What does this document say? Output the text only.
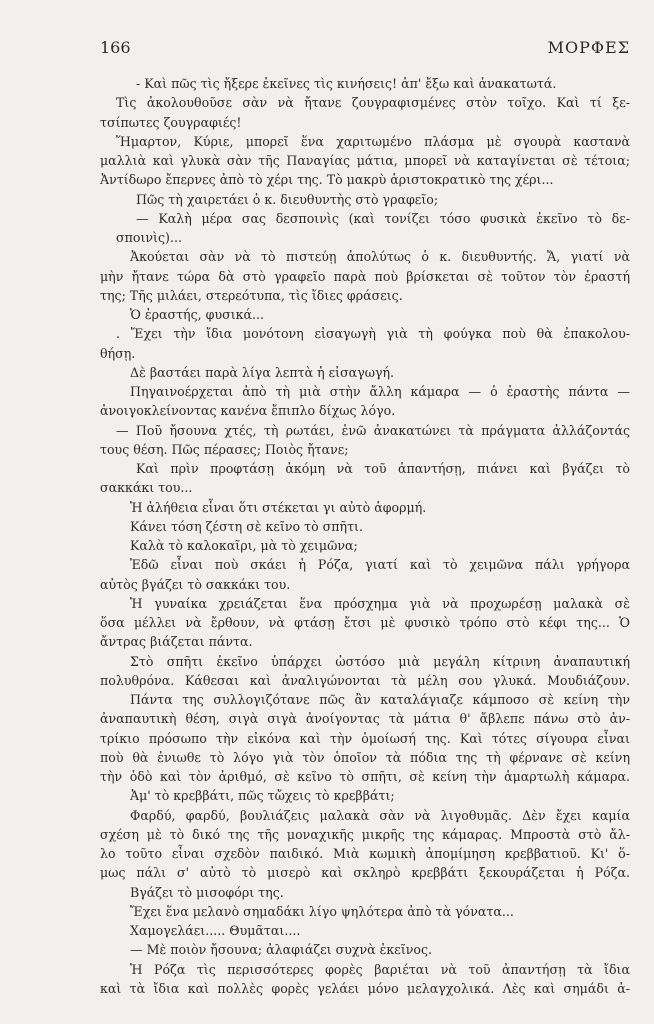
166	ΜΟΡΦΕΣ
- Καὶ πῶς τὶς ἤξερε ἐκεῖνες τὶς κινήσεις! ἀπ' ἔξω καὶ ἀνακατωτά.
Τὶς ἀκολουθοῦσε σὰν νὰ ἤτανε ζουγραφισμένες στὸν τοῖχο. Καὶ τί ξε-
τσίπωτες ζουγραφιές!
Ἥμαρτον, Κύριε, μπορεῖ ἕνα χαριτωμένο πλάσμα μὲ σγουρὰ καστανὰ
μαλλιὰ καὶ γλυκὰ σὰν τῆς Παναγίας μάτια, μπορεῖ νὰ καταγίνεται σὲ τέτοια;
Ἀντίδωρο ἔπερνες ἀπὸ τὸ χέρι της. Τὸ μακρὺ ἀριστοκρατικὸ της χέρι...
Πῶς τὴ χαιρετάει ὁ κ. διευθυντὴς στὸ γραφεῖο;
— Καλὴ μέρα σας δεσποινὶς (καὶ τονίζει τόσο φυσικὰ ἐκεῖνο τὸ δε-
σποινὶς)...
Ἀκούεται σὰν νὰ τὸ πιστεύῃ ἀπολύτως ὁ κ. διευθυντής. Ἄ, γιατί νὰ
μὴν ἤτανε τώρα δὰ στὸ γραφεῖο παρὰ ποὺ βρίσκεται σὲ τοῦτον τὸν ἐραστή
της; Τῆς μιλάει, στερεότυπα, τὶς ἴδιες φράσεις.
Ὁ ἐραστής, φυσικά...
. Ἔχει τὴν ἴδια μονότονη εἰσαγωγὴ γιὰ τὴ φούγκα ποὺ θὰ ἐπακολου-
θήσῃ.
Δὲ βαστάει παρὰ λίγα λεπτὰ ἡ εἰσαγωγή.
Πηγαινοέρχεται ἀπὸ τὴ μιὰ στὴν ἄλλη κάμαρα — ὁ ἐραστὴς πάντα —
ἀνοιγοκλείνοντας κανένα ἔπιπλο δίχως λόγο.
— Ποῦ ἤσουνα χτές, τὴ ρωτάει, ἐνῶ ἀνακατώνει τὰ πράγματα ἀλλάζοντάς
τους θέση. Πῶς πέρασες; Ποιὸς ἤτανε;
Καὶ πρὶν προφτάσῃ ἀκόμη νὰ τοῦ ἀπαντήσῃ, πιάνει καὶ βγάζει τὸ
σακκάκι του...
Ἡ ἀλήθεια εἶναι ὅτι στέκεται γι αὐτὸ ἀφορμή.
Κάνει τόση ζέστη σὲ κεῖνο τὸ σπῆτι.
Καλὰ τὸ καλοκαῖρι, μὰ τὸ χειμῶνα;
Ἐδῶ εἶναι ποὺ σκάει ἡ Ρόζα, γιατί καὶ τὸ χειμῶνα πάλι γρήγορα
αὐτὸς βγάζει τὸ σακκάκι του.
Ἡ γυναίκα χρειάζεται ἕνα πρόσχημα γιὰ νὰ προχωρέσῃ μαλακὰ σὲ
ὅσα μέλλει νὰ ἔρθουν, νὰ φτάσῃ ἔτσι μὲ φυσικὸ τρόπο στὸ κέφι της... Ὁ
ἄντρας βιάζεται πάντα.
Στὸ σπῆτι ἐκεῖνο ὑπάρχει ὡστόσο μιὰ μεγάλη κίτρινη ἀναπαυτική
πολυθρόνα. Κάθεσαι καὶ ἀναλιγώνονται τὰ μέλη σου γλυκά. Μουδιάζουν.
Πάντα της συλλογιζότανε πῶς ἂν καταλάγιαζε κάμποσο σὲ κείνη τὴν
ἀναπαυτικὴ θέση, σιγὰ σιγὰ ἀνοίγοντας τὰ μάτια θ' ἄβλεπε πάνω στὸ ἀν-
τρίκιο πρόσωπο τὴν εἰκόνα καὶ τὴν ὁμοίωσή της. Καὶ τότες σίγουρα εἶναι
ποὺ θὰ ἐνιωθε τὸ λόγο γιὰ τὸν ὁποῖον τὰ πόδια της τὴ φέρνανε σὲ κείνη
τὴν ὁδὸ καὶ τὸν ἀριθμό, σὲ κεῖνο τὸ σπῆτι, σὲ κείνη τὴν ἁμαρτωλὴ κάμαρα.
Ἀμ' τὸ κρεββάτι, πῶς τὤχεις τὸ κρεββάτι;
Φαρδύ, φαρδύ, βουλιάζεις μαλακὰ σὰν νὰ λιγοθυμᾶς. Δὲν ἔχει καμία
σχέση μὲ τὸ δικό της τῆς μοναχικῆς μικρῆς της κάμαρας. Μπροστὰ στὸ ἄλ-
λο τοῦτο εἶναι σχεδὸν παιδικό. Μιὰ κωμικὴ ἀπομίμηση κρεββατιοῦ. Κι' ὅ-
μως πάλι σ' αὐτὸ τὸ μισερὸ καὶ σκληρὸ κρεββάτι ξεκουράζεται ἡ Ρόζα.
Βγάζει τὸ μισοφόρι της.
Ἔχει ἕνα μελανὸ σημαδάκι λίγο ψηλότερα ἀπὸ τὰ γόνατα...
Χαμογελάει..... Θυμᾶται....
— Μὲ ποιὸν ἤσουνα; ἀλαφιάζει συχνὰ ἐκεῖνος.
Ἡ Ρόζα τὶς περισσότερες φορὲς βαριέται νὰ τοῦ ἀπαντήσῃ τὰ ἴδια
καὶ τὰ ἴδια καὶ πολλὲς φορὲς γελάει μόνο μελαγχολικά. Λὲς καὶ σημάδι ἀ-
